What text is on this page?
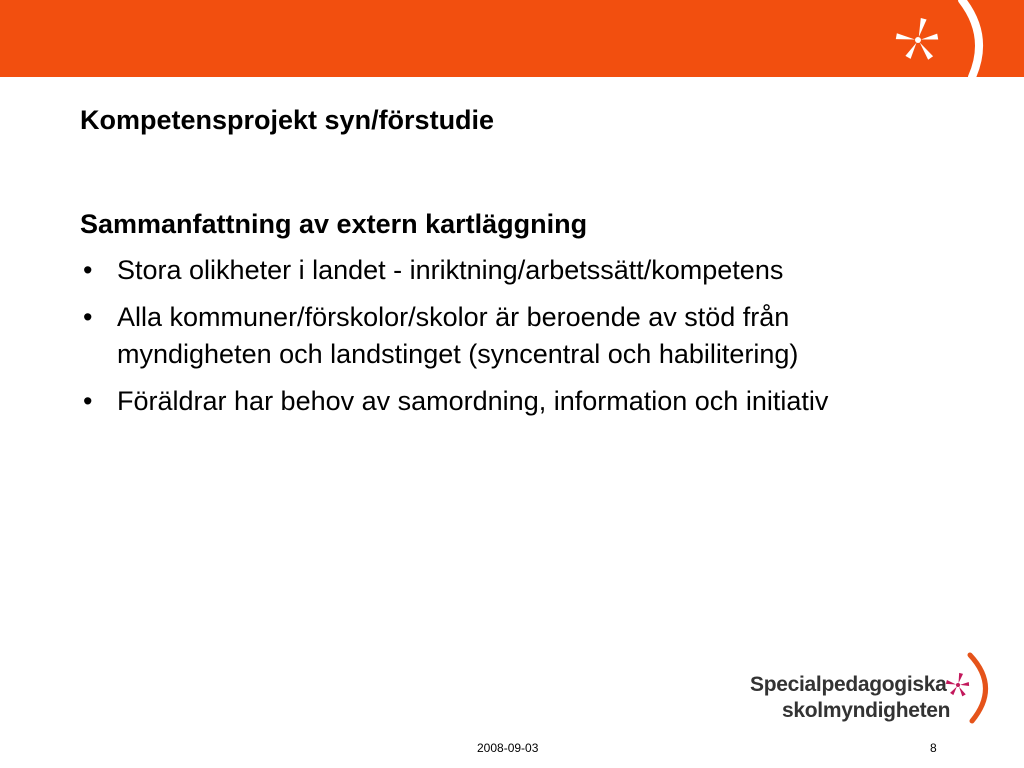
Kompetensprojekt syn/förstudie
Sammanfattning av extern kartläggning
• Stora olikheter i landet - inriktning/arbetssätt/kompetens
• Alla kommuner/förskolor/skolor är beroende av stöd från myndigheten och landstinget (syncentral och habilitering)
• Föräldrar har behov av samordning, information och initiativ
Specialpedagogiska
skolmyndigheten
2008-09-03	8
